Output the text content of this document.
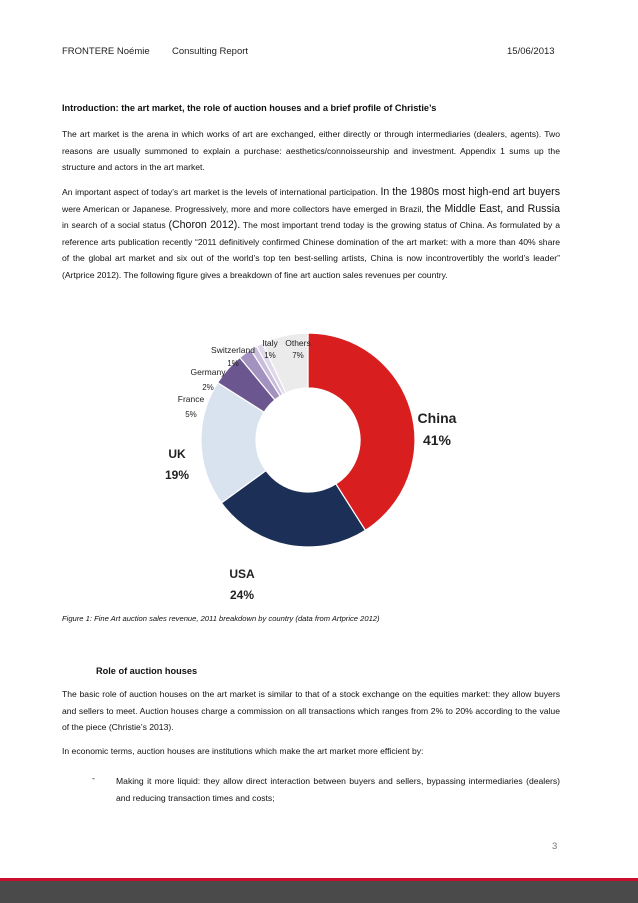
FRONTERE Noémie Consulting Report	15/06/2013

Introduction: the art market, the role of auction houses and a brief profile of Christie’s

The art market is the arena in which works of art are exchanged, either directly or through intermediaries (dealers, agents). Two reasons are usually summoned to explain a purchase: aesthetics/connoisseurship and investment. Appendix 1 sums up the structure and actors in the art market.

An important aspect of today’s art market is the levels of international participation. In the 1980s most high-end art buyers were American or Japanese. Progressively, more and more collectors have emerged in Brazil, the Middle East, and Russia in search of a social status (Choron 2012). The most important trend today is the growing status of China. As formulated by a reference arts publication recently “2011 definitively confirmed Chinese domination of the art market: with a more than 40% share of the global art market and six out of the world’s top ten best-selling artists, China is now incontrovertibly the world’s leader” (Artprice 2012). The following figure gives a breakdown of fine art auction sales revenues per country.

China
41%
USA
24%
UK
19%
France
5%
Germany
2%
Switzerland
1%
Italy
1%
Others
7%
Figure 1: Fine Art auction sales revenue, 2011 breakdown by country (data from Artprice 2012)

Role of auction houses

The basic role of auction houses on the art market is similar to that of a stock exchange on the equities market: they allow buyers and sellers to meet. Auction houses charge a commission on all transactions which ranges from 2% to 20% according to the value of the piece (Christie’s 2013).

In economic terms, auction houses are institutions which make the art market more efficient by:

- Making it more liquid: they allow direct interaction between buyers and sellers, bypassing intermediaries (dealers) and reducing transaction times and costs;

3
